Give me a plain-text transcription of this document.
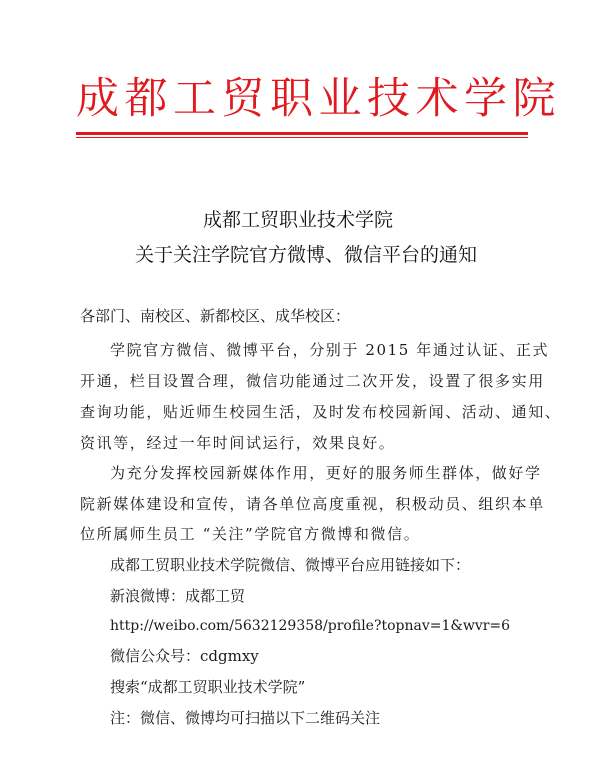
成都工贸职业技术学院
成都工贸职业技术学院
关于关注学院官方微博、微信平台的通知
各部门、南校区、新都校区、成华校区：
学院官方微信、微博平台，分别于 2015 年通过认证、正式
开通，栏目设置合理，微信功能通过二次开发，设置了很多实用
查询功能，贴近师生校园生活，及时发布校园新闻、活动、通知、
资讯等，经过一年时间试运行，效果良好。
为充分发挥校园新媒体作用，更好的服务师生群体，做好学
院新媒体建设和宣传，请各单位高度重视，积极动员、组织本单
位所属师生员工 “关注”学院官方微博和微信。
成都工贸职业技术学院微信、微博平台应用链接如下：
新浪微博：成都工贸
http://weibo.com/5632129358/profile?topnav=1&wvr=6
微信公众号：cdgmxy
搜索“成都工贸职业技术学院”
注：微信、微博均可扫描以下二维码关注
